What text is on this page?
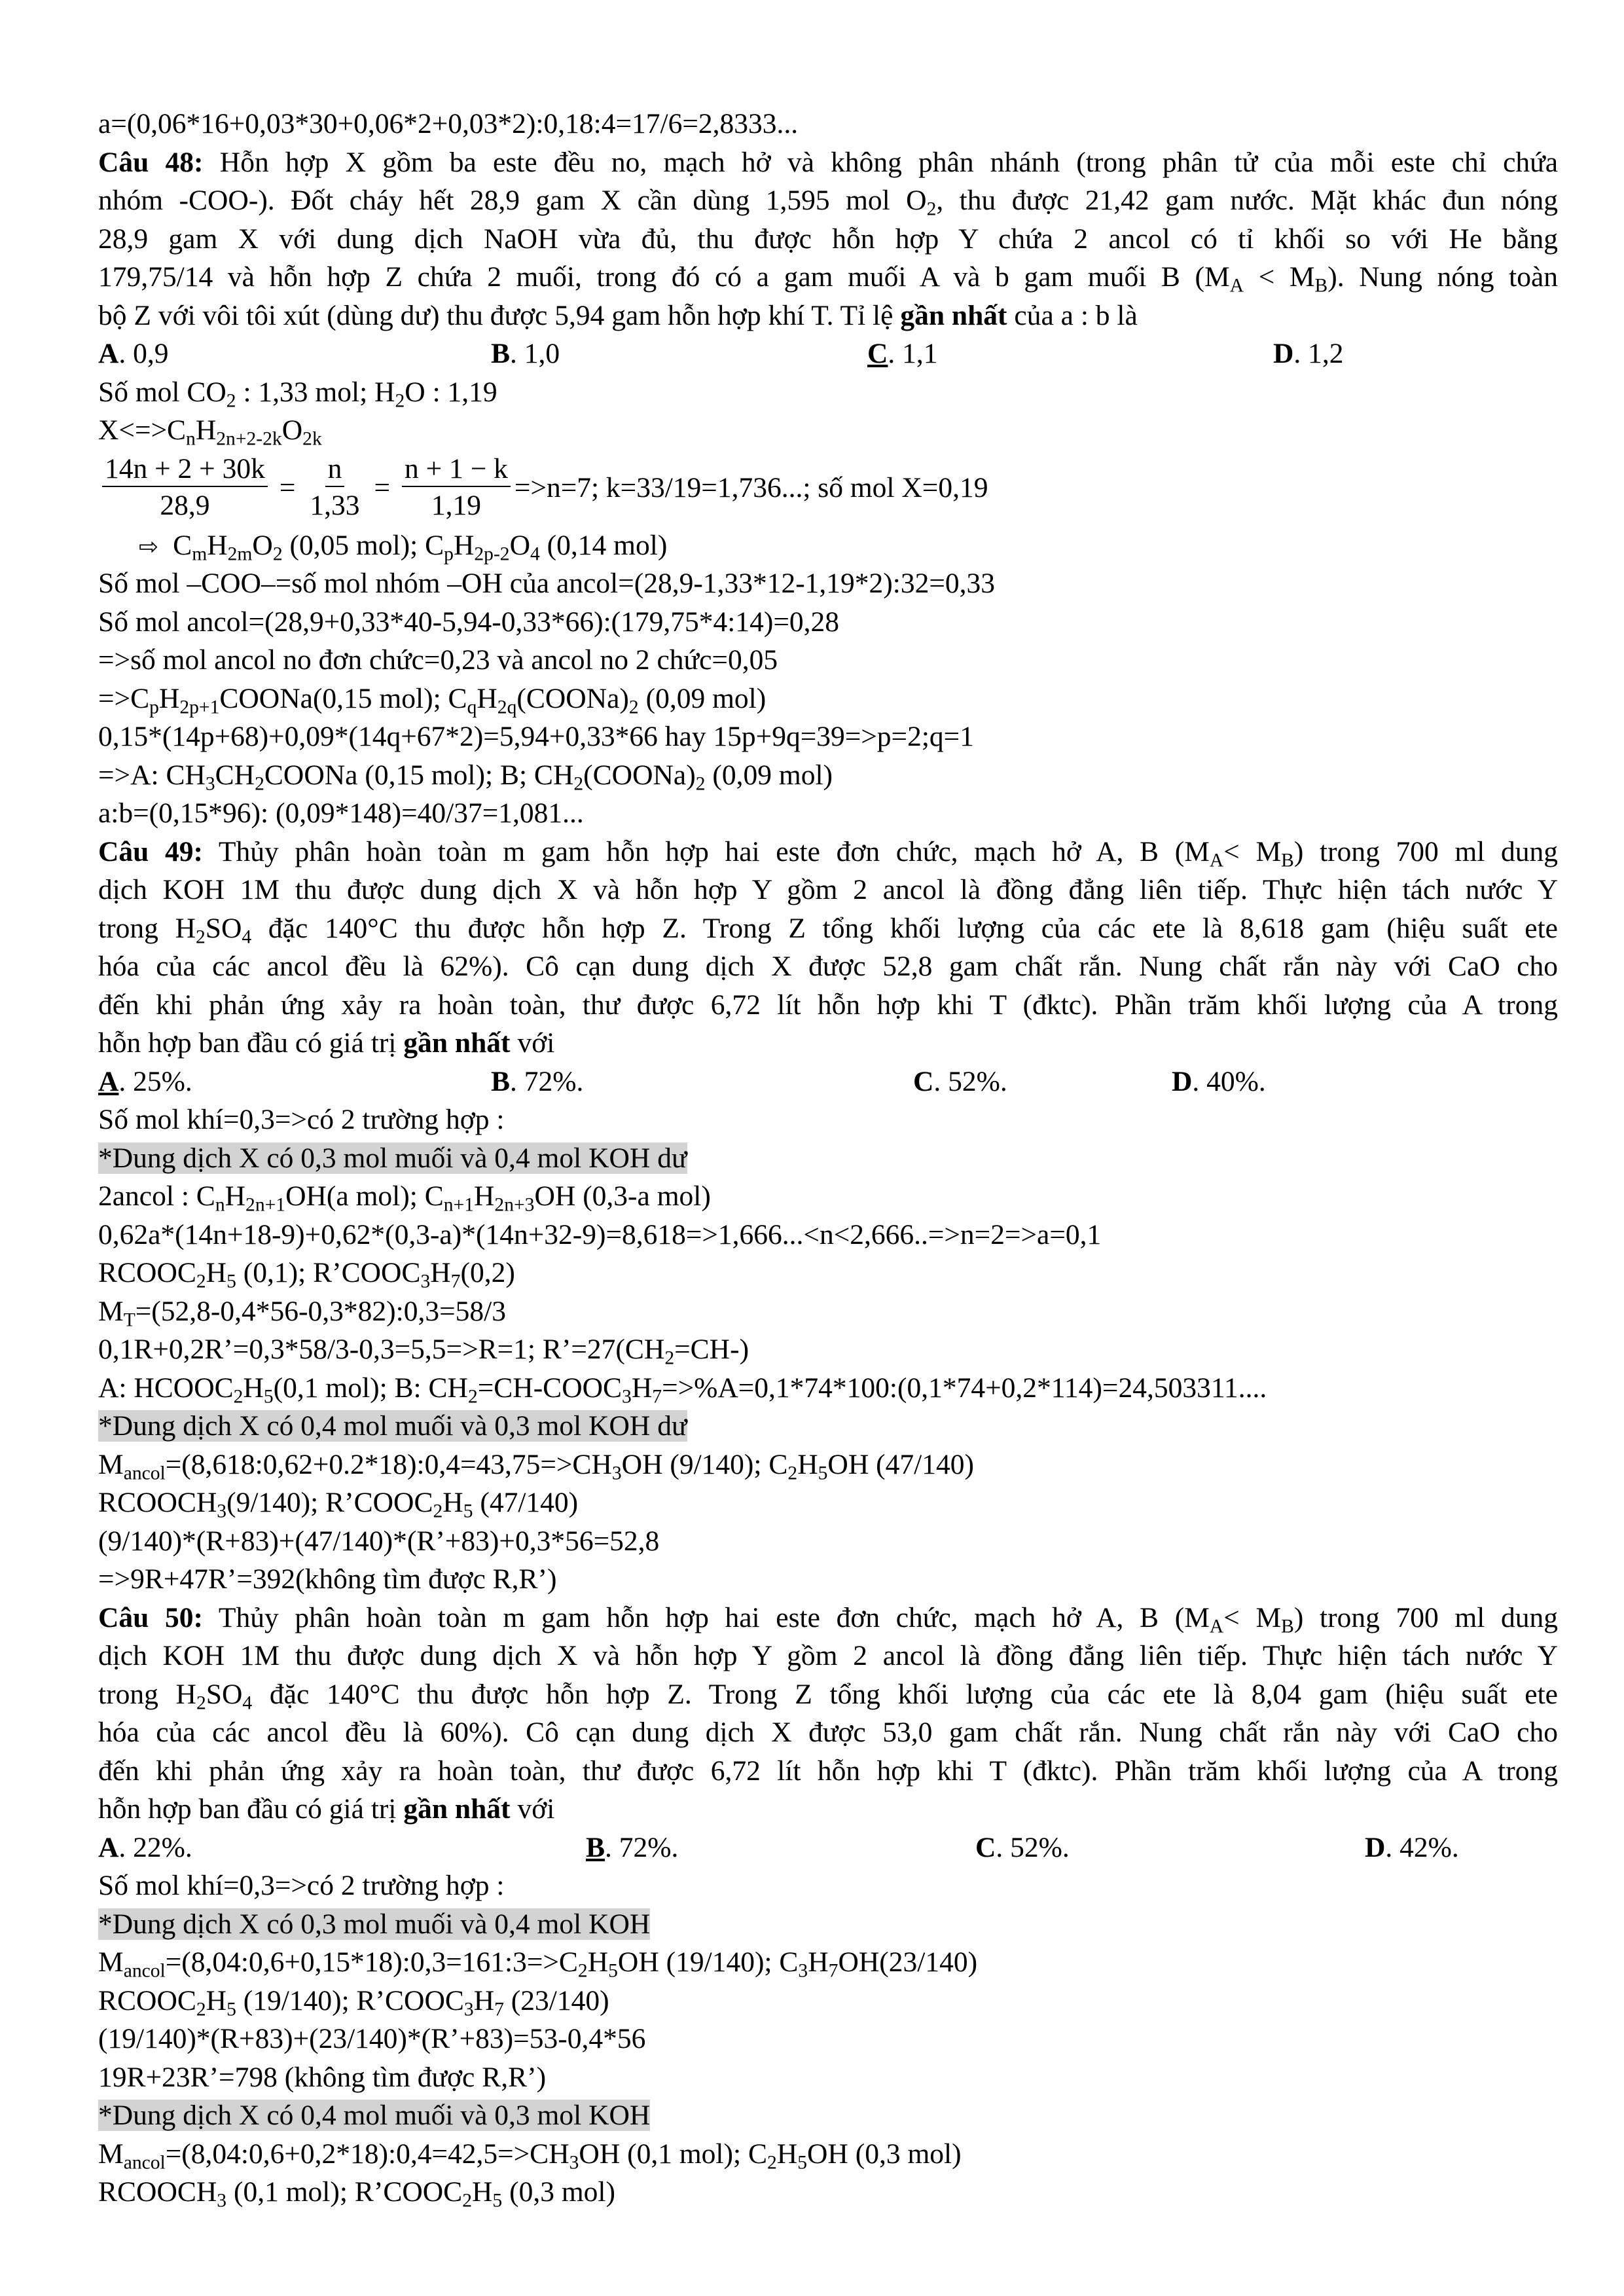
a=(0,06*16+0,03*30+0,06*2+0,03*2):0,18:4=17/6=2,8333...
Câu 48: Hỗn hợp X gồm ba este đều no, mạch hở và không phân nhánh (trong phân tử của mỗi este chỉ chứa
nhóm -COO-). Đốt cháy hết 28,9 gam X cần dùng 1,595 mol $O_2$, thu được 21,42 gam nước. Mặt khác đun nóng
28,9 gam X với dung dịch NaOH vừa đủ, thu được hỗn hợp Y chứa 2 ancol có tỉ khối so với He bằng
179,75/14 và hỗn hợp Z chứa 2 muối, trong đó có a gam muối A và b gam muối B $(M_A < M_B)$. Nung nóng toàn
bộ Z với vôi tôi xút (dùng dư) thu được 5,94 gam hỗn hợp khí T. Tỉ lệ gần nhất của a : b là
A. 0,9	B. 1,0	C. 1,1	D. 1,2
Số mol $CO_2$ : 1,33 mol; $H_2O$ : 1,19
$X<=>C_nH_{2n+2-2k}O_{2k}$
$\frac{14n + 2 + 30k}{28,9} = \frac{n}{1,33} = \frac{n + 1 - k}{1,19} =>n=7$; k=33/19=1,736...; số mol X=0,19
⇨ $C_mH_{2m}O_2$ (0,05 mol); $C_pH_{2p-2}O_4$ (0,14 mol)
Số mol –COO–=số mol nhóm –OH của ancol=(28,9-1,33*12-1,19*2):32=0,33
Số mol ancol=(28,9+0,33*40-5,94-0,33*66):(179,75*4:14)=0,28
=>số mol ancol no đơn chức=0,23 và ancol no 2 chức=0,05
$=>C_pH_{2p+1}COONa(0,15$ mol); $C_qH_{2q}(COONa)_2$ (0,09 mol)
0,15*(14p+68)+0,09*(14q+67*2)=5,94+0,33*66 hay 15p+9q=39=>p=2;q=1
=>A: $CH_3CH_2COONa$ (0,15 mol); B; $CH_2(COONa)_2$ (0,09 mol)
a:b=(0,15*96): (0,09*148)=40/37=1,081...
Câu 49: Thủy phân hoàn toàn m gam hỗn hợp hai este đơn chức, mạch hở A, B $(M_A< M_B)$ trong 700 ml dung
dịch KOH 1M thu được dung dịch X và hỗn hợp Y gồm 2 ancol là đồng đẳng liên tiếp. Thực hiện tách nước Y
trong $H_2SO_4$ đặc 140°C thu được hỗn hợp Z. Trong Z tổng khối lượng của các ete là 8,618 gam (hiệu suất ete
hóa của các ancol đều là 62%). Cô cạn dung dịch X được 52,8 gam chất rắn. Nung chất rắn này với CaO cho
đến khi phản ứng xảy ra hoàn toàn, thư được 6,72 lít hỗn hợp khi T (đktc). Phần trăm khối lượng của A trong
hỗn hợp ban đầu có giá trị gần nhất với
A. 25%.	B. 72%.	C. 52%.	D. 40%.
Số mol khí=0,3=>có 2 trường hợp :
*Dung dịch X có 0,3 mol muối và 0,4 mol KOH dư
2ancol : $C_nH_{2n+1}OH(a$ mol); $C_{n+1}H_{2n+3}OH$ (0,3-a mol)
0,62a*(14n+18-9)+0,62*(0,3-a)*(14n+32-9)=8,618=>1,666...<n<2,666..=>n=2=>a=0,1
$RCOOC_2H_5$ (0,1); $R’COOC_3H_7(0,2)$
$M_T=(52,8-0,4*56-0,3*82):0,3=58/3$
0,1R+0,2R’=0,3*58/3-0,3=5,5=>R=1; $R’=27(CH_2=CH-)$
A: $HCOOC_2H_5(0,1$ mol); B: $CH_2=CH-COOC_3H_7=>\%A=0,1*74*100:(0,1*74+0,2*114)=24,503311$....
*Dung dịch X có 0,4 mol muối và 0,3 mol KOH dư
$M_{ancol}=(8,618:0,62+0.2*18):0,4=43,75=>CH_3OH$ (9/140); $C_2H_5OH$ (47/140)
$RCOOCH_3(9/140)$; $R’COOC_2H_5$ (47/140)
(9/140)*(R+83)+(47/140)*(R’+83)+0,3*56=52,8
=>9R+47R’=392(không tìm được R,R’)
Câu 50: Thủy phân hoàn toàn m gam hỗn hợp hai este đơn chức, mạch hở A, B $(M_A< M_B)$ trong 700 ml dung
dịch KOH 1M thu được dung dịch X và hỗn hợp Y gồm 2 ancol là đồng đẳng liên tiếp. Thực hiện tách nước Y
trong $H_2SO_4$ đặc 140°C thu được hỗn hợp Z. Trong Z tổng khối lượng của các ete là 8,04 gam (hiệu suất ete
hóa của các ancol đều là 60%). Cô cạn dung dịch X được 53,0 gam chất rắn. Nung chất rắn này với CaO cho
đến khi phản ứng xảy ra hoàn toàn, thư được 6,72 lít hỗn hợp khi T (đktc). Phần trăm khối lượng của A trong
hỗn hợp ban đầu có giá trị gần nhất với
A. 22%.	B. 72%.	C. 52%.	D. 42%.
Số mol khí=0,3=>có 2 trường hợp :
*Dung dịch X có 0,3 mol muối và 0,4 mol KOH
$M_{ancol}=(8,04:0,6+0,15*18):0,3=161:3=>C_2H_5OH$ (19/140); $C_3H_7OH(23/140)$
$RCOOC_2H_5$ (19/140); $R’COOC_3H_7$ (23/140)
(19/140)*(R+83)+(23/140)*(R’+83)=53-0,4*56
19R+23R’=798 (không tìm được R,R’)
*Dung dịch X có 0,4 mol muối và 0,3 mol KOH
$M_{ancol}=(8,04:0,6+0,2*18):0,4=42,5=>CH_3OH$ (0,1 mol); $C_2H_5OH$ (0,3 mol)
$RCOOCH_3$ (0,1 mol); $R’COOC_2H_5$ (0,3 mol)
